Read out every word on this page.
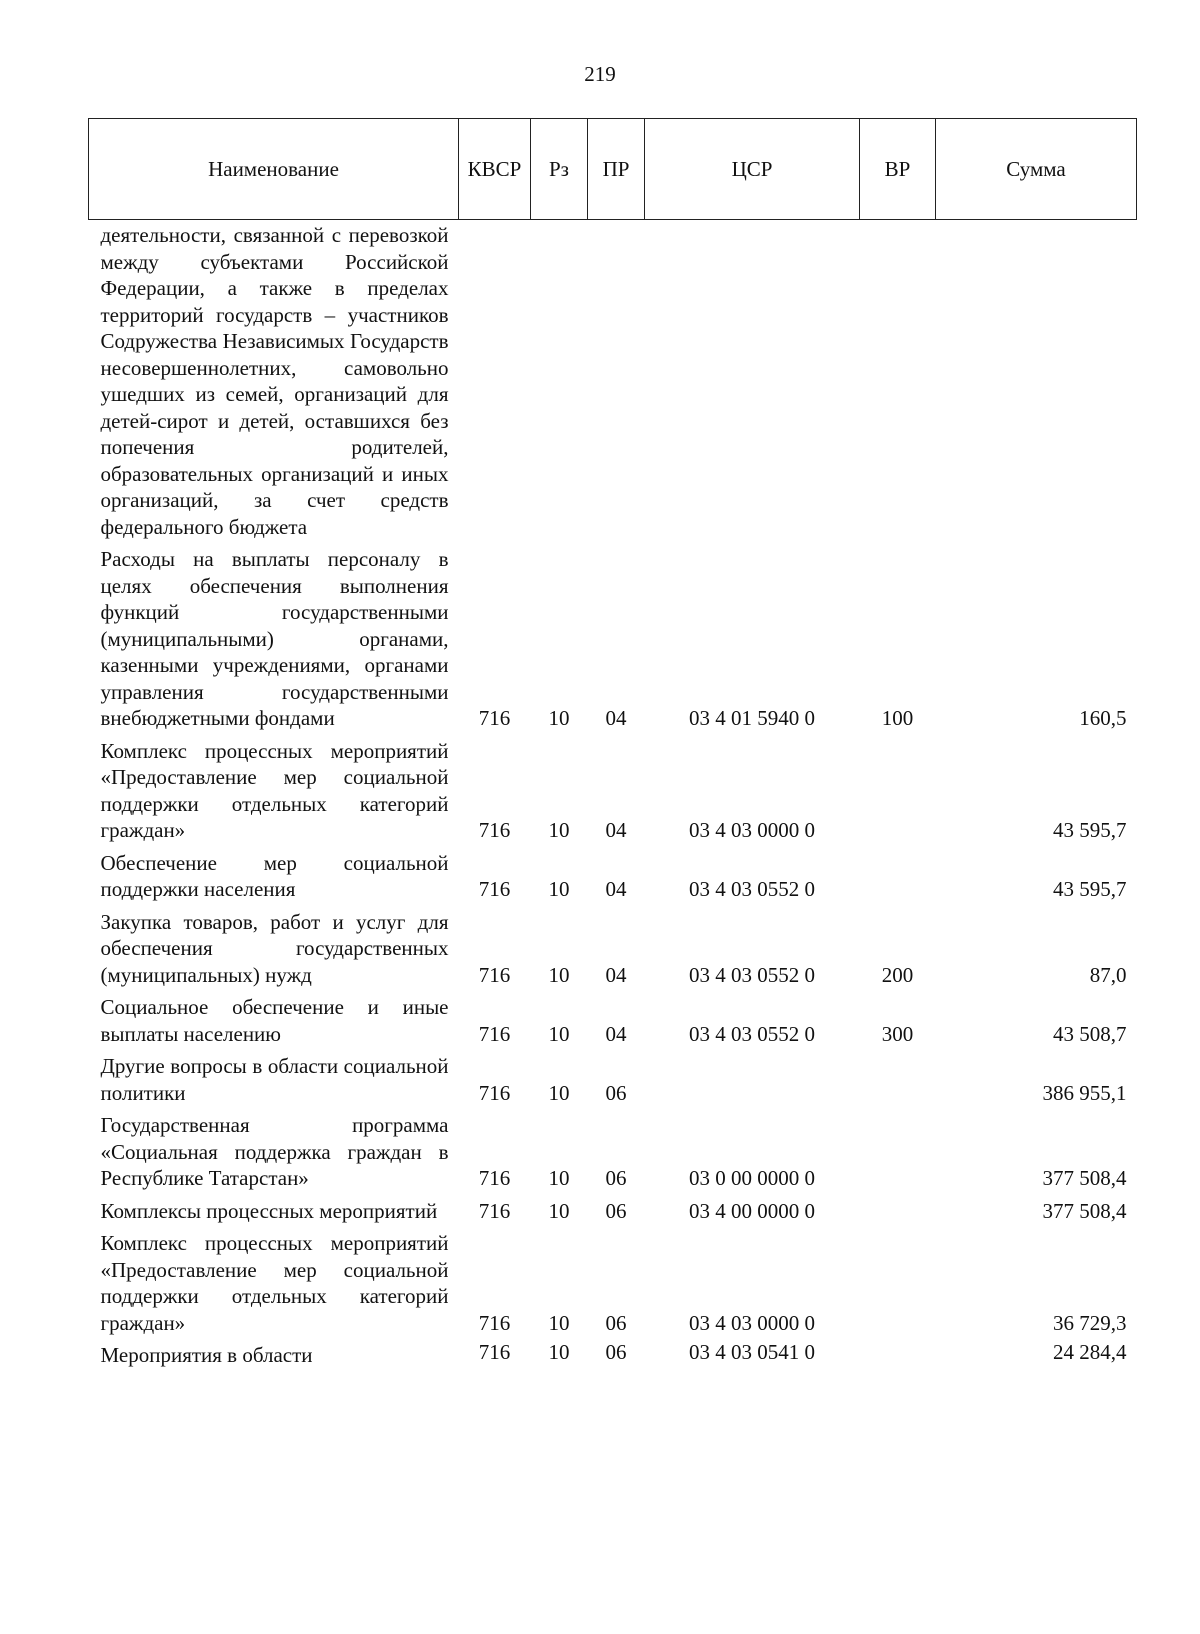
219
Наименование	КВСР	Рз	ПР	ЦСР	ВР	Сумма
деятельности, связанной с перевозкой между субъектами Российской Федерации, а также в пределах территорий государств – участников Содружества Независимых Государств несовершеннолетних, самовольно ушедших из семей, организаций для детей-сирот и детей, оставшихся без попечения родителей, образовательных организаций и иных организаций, за счет средств федерального бюджета						
Расходы на выплаты персоналу в целях обеспечения выполнения функций государственными (муниципальными) органами, казенными учреждениями, органами управления государственными внебюджетными фондами	716	10	04	03 4 01 5940 0	100	160,5
Комплекс процессных мероприятий «Предоставление мер социальной поддержки отдельных категорий граждан»	716	10	04	03 4 03 0000 0		43 595,7
Обеспечение мер социальной поддержки населения	716	10	04	03 4 03 0552 0		43 595,7
Закупка товаров, работ и услуг для обеспечения государственных (муниципальных) нужд	716	10	04	03 4 03 0552 0	200	87,0
Социальное обеспечение и иные выплаты населению	716	10	04	03 4 03 0552 0	300	43 508,7
Другие вопросы в области социальной политики	716	10	06			386 955,1
Государственная программа «Социальная поддержка граждан в Республике Татарстан»	716	10	06	03 0 00 0000 0		377 508,4
Комплексы процессных мероприятий	716	10	06	03 4 00 0000 0		377 508,4
Комплекс процессных мероприятий «Предоставление мер социальной поддержки отдельных категорий граждан»	716	10	06	03 4 03 0000 0		36 729,3
Мероприятия в области	716	10	06	03 4 03 0541 0		24 284,4
